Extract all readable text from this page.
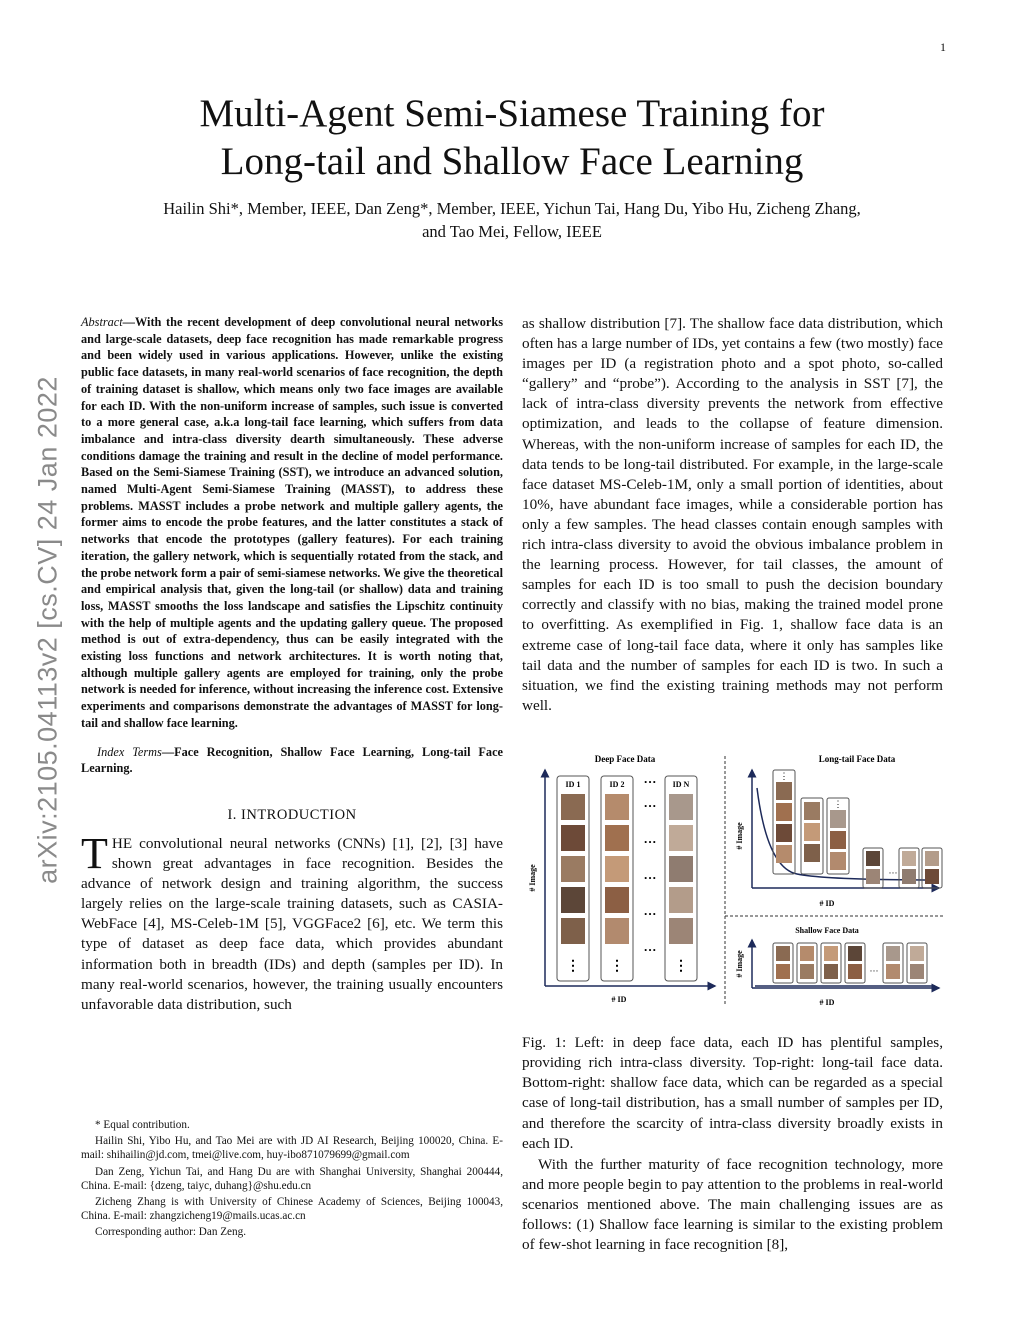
1
arXiv:2105.04113v2 [cs.CV] 24 Jan 2022
Multi-Agent Semi-Siamese Training for
Long-tail and Shallow Face Learning
Hailin Shi*, Member, IEEE, Dan Zeng*, Member, IEEE, Yichun Tai, Hang Du, Yibo Hu, Zicheng Zhang,
and Tao Mei, Fellow, IEEE

Abstract—With the recent development of deep convolutional neural networks and large-scale datasets, deep face recognition has made remarkable progress and been widely used in various applications. However, unlike the existing public face datasets, in many real-world scenarios of face recognition, the depth of training dataset is shallow, which means only two face images are available for each ID. With the non-uniform increase of samples, such issue is converted to a more general case, a.k.a long-tail face learning, which suffers from data imbalance and intra-class diversity dearth simultaneously. These adverse conditions damage the training and result in the decline of model performance. Based on the Semi-Siamese Training (SST), we introduce an advanced solution, named Multi-Agent Semi-Siamese Training (MASST), to address these problems. MASST includes a probe network and multiple gallery agents, the former aims to encode the probe features, and the latter constitutes a stack of networks that encode the prototypes (gallery features). For each training iteration, the gallery network, which is sequentially rotated from the stack, and the probe network form a pair of semi-siamese networks. We give the theoretical and empirical analysis that, given the long-tail (or shallow) data and training loss, MASST smooths the loss landscape and satisfies the Lipschitz continuity with the help of multiple agents and the updating gallery queue. The proposed method is out of extra-dependency, thus can be easily integrated with the existing loss functions and network architectures. It is worth noting that, although multiple gallery agents are employed for training, only the probe network is needed for inference, without increasing the inference cost. Extensive experiments and comparisons demonstrate the advantages of MASST for long-tail and shallow face learning.

Index Terms—Face Recognition, Shallow Face Learning, Long-tail Face Learning.

I. INTRODUCTION

THE convolutional neural networks (CNNs) [1], [2], [3] have shown great advantages in face recognition. Besides the advance of network design and training algorithm, the success largely relies on the large-scale training datasets, such as CASIA-WebFace [4], MS-Celeb-1M [5], VGGFace2 [6], etc. We term this type of dataset as deep face data, which provides abundant information both in breadth (IDs) and depth (samples per ID). In many real-world scenarios, however, the training usually encounters unfavorable data distribution, such

* Equal contribution.

Hailin Shi, Yibo Hu, and Tao Mei are with JD AI Research, Beijing 100020, China. E-mail: shihailin@jd.com, tmei@live.com, huy-ibo871079699@gmail.com

Dan Zeng, Yichun Tai, and Hang Du are with Shanghai University, Shanghai 200444, China. E-mail: {dzeng, taiyc, duhang}@shu.edu.cn

Zicheng Zhang is with University of Chinese Academy of Sciences, Beijing 100043, China. E-mail: zhangzicheng19@mails.ucas.ac.cn

Corresponding author: Dan Zeng.

as shallow distribution [7]. The shallow face data distribution, which often has a large number of IDs, yet contains a few (two mostly) face images per ID (a registration photo and a spot photo, so-called “gallery” and “probe”). According to the analysis in SST [7], the lack of intra-class diversity prevents the network from effective optimization, and leads to the collapse of feature dimension. Whereas, with the non-uniform increase of samples for each ID, the data tends to be long-tail distributed. For example, in the large-scale face dataset MS-Celeb-1M, only a small portion of identities, about 10%, have abundant face images, while a considerable portion has only a few samples. The head classes contain enough samples with rich intra-class diversity to avoid the obvious imbalance problem in the learning process. However, for tail classes, the amount of samples for each ID is too small to push the decision boundary correctly and classify with no bias, making the trained model prone to overfitting. As exemplified in Fig. 1, shallow face data is an extreme case of long-tail face data, where it only has samples like tail data and the number of samples for each ID is two. In such a situation, we find the existing training methods may not perform well.

Deep Face Data
# Image
# ID
ID 1
⋮
ID 2
⋮
···
···
···
···
···
···
ID N
⋮
Long-tail Face Data
# Image
# ID
⋮
⋮
···
Shallow Face Data
# Image
# ID
···

Fig. 1: Left: in deep face data, each ID has plentiful samples, providing rich intra-class diversity. Top-right: long-tail face data. Bottom-right: shallow face data, which can be regarded as a special case of long-tail distribution, has a small number of samples per ID, and therefore the scarcity of intra-class diversity broadly exists in each ID.

With the further maturity of face recognition technology, more and more people begin to pay attention to the problems in real-world scenarios mentioned above. The main challenging issues are as follows: (1) Shallow face learning is similar to the existing problem of few-shot learning in face recognition [8],
